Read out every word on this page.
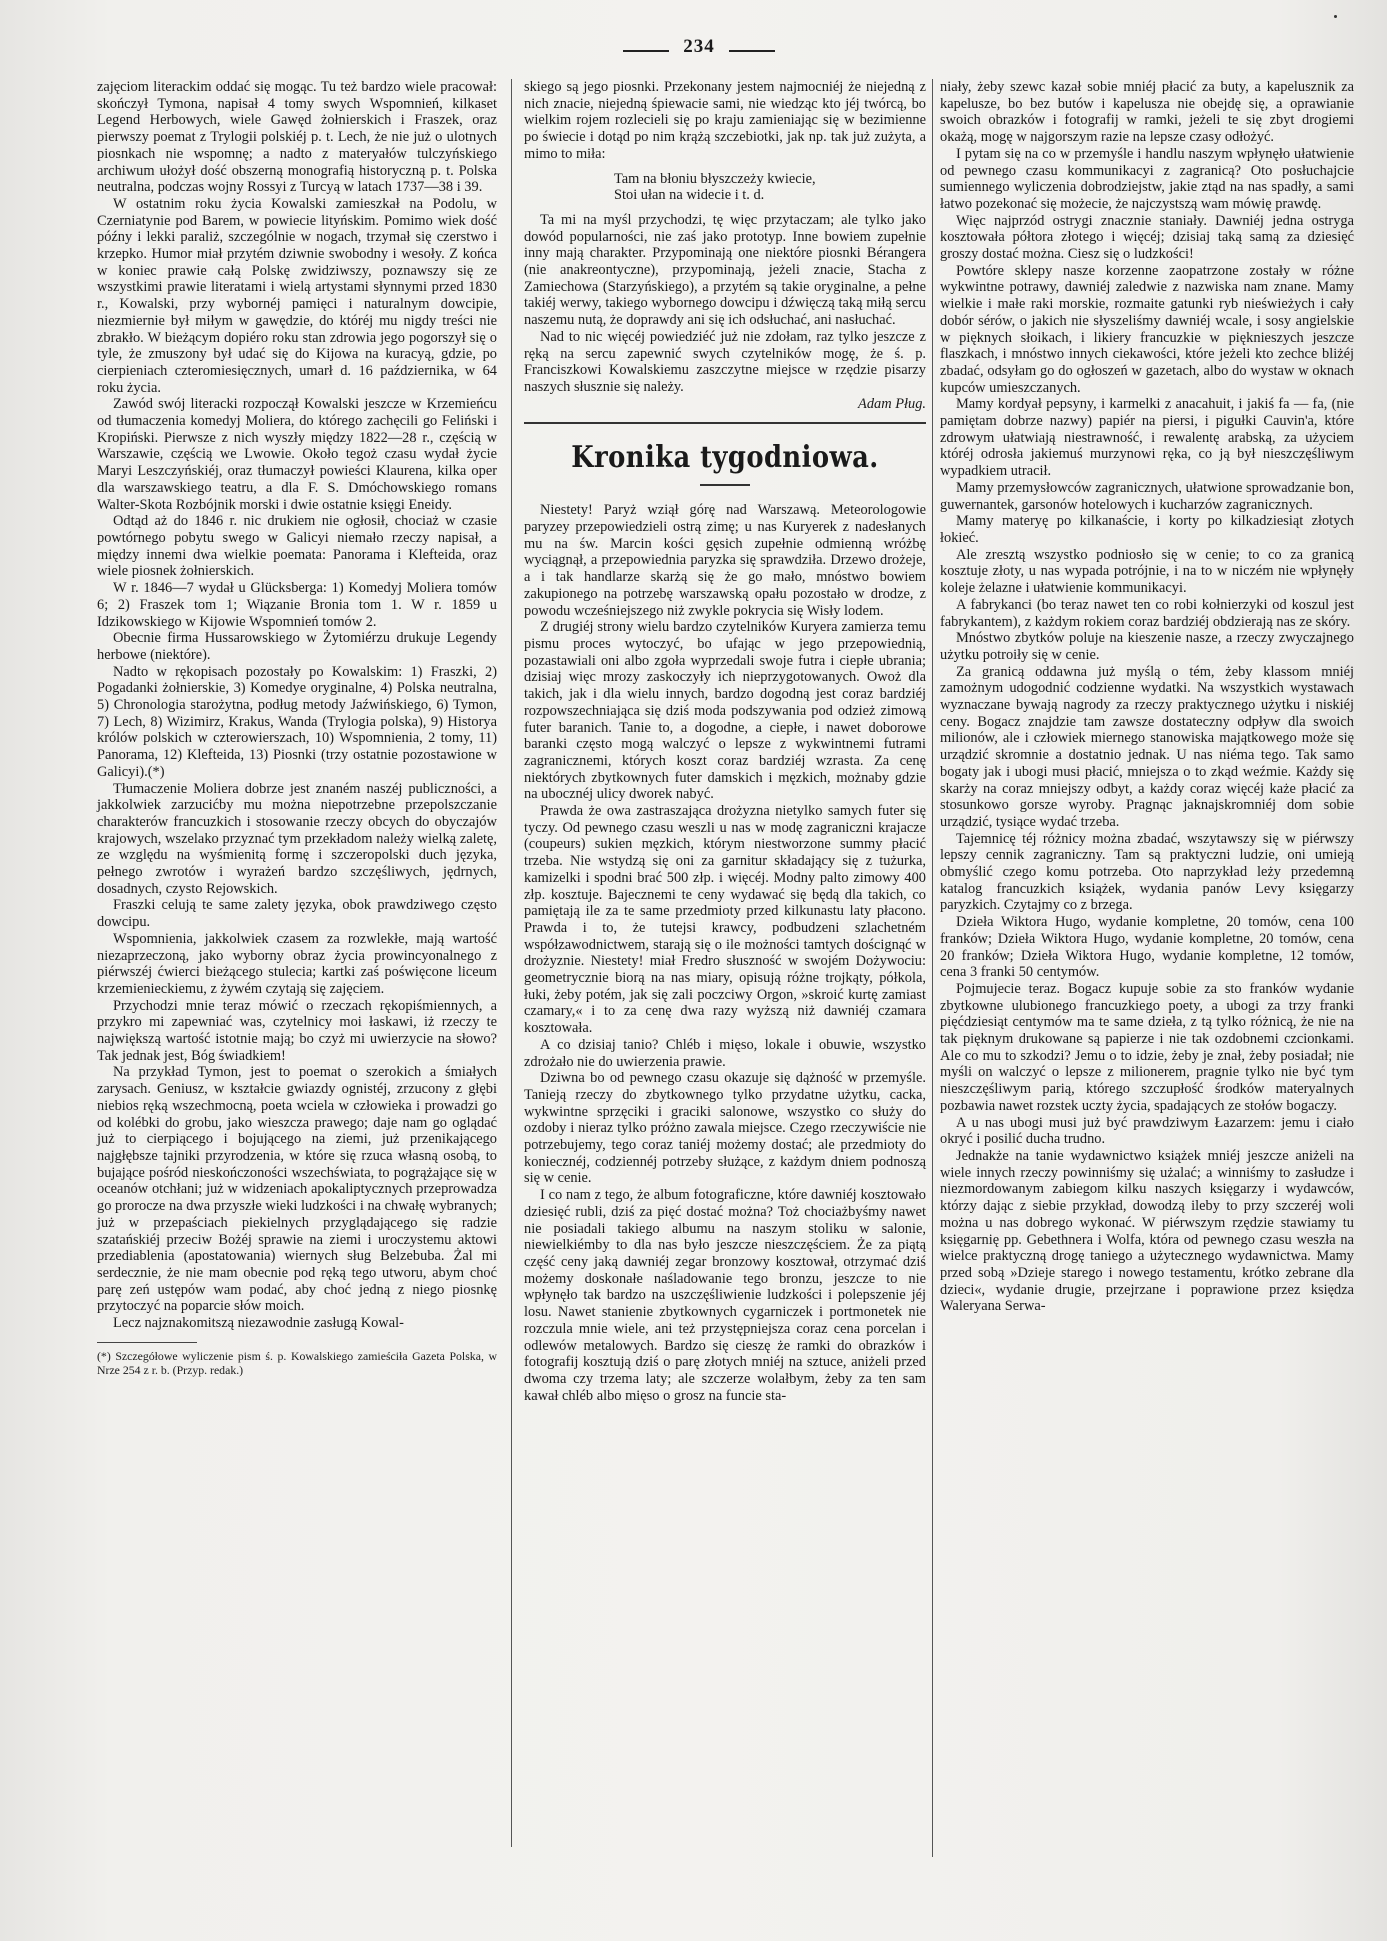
234

zajęciom literackim oddać się mogąc. Tu też bardzo wiele pracował: skończył Tymona, napisał 4 tomy swych Wspomnień, kilkaset Legend Herbowych, wiele Gawęd żołnierskich i Fraszek, oraz pierwszy poemat z Trylogii polskiéj p. t. Lech, że nie już o ulotnych piosnkach nie wspomnę; a nadto z materyałów tulczyńskiego archiwum ułożył dość obszerną monografią historyczną p. t. Polska neutralna, podczas wojny Rossyi z Turcyą w latach 1737—38 i 39.

W ostatnim roku życia Kowalski zamieszkał na Podolu, w Czerniatynie pod Barem, w powiecie lityńskim. Pomimo wiek dość późny i lekki paraliż, szczególnie w nogach, trzymał się czerstwo i krzepko. Humor miał przytém dziwnie swobodny i wesoły. Z końca w koniec prawie całą Polskę zwidziwszy, poznawszy się ze wszystkimi prawie literatami i wielą artystami słynnymi przed 1830 r., Kowalski, przy wybornéj pamięci i naturalnym dowcipie, niezmiernie był miłym w gawędzie, do któréj mu nigdy treści nie zbrakło. W bieżącym dopiéro roku stan zdrowia jego pogorszył się o tyle, że zmuszony był udać się do Kijowa na kuracyą, gdzie, po cierpieniach czteromiesięcznych, umarł d. 16 października, w 64 roku życia.

Zawód swój literacki rozpoczął Kowalski jeszcze w Krzemieńcu od tłumaczenia komedyj Moliera, do którego zachęcili go Feliński i Kropiński. Pierwsze z nich wyszły między 1822—28 r., częścią w Warszawie, częścią we Lwowie. Około tegoż czasu wydał życie Maryi Leszczyńskiéj, oraz tłumaczył powieści Klaurena, kilka oper dla warszawskiego teatru, a dla F. S. Dmóchowskiego romans Walter-Skota Rozbójnik morski i dwie ostatnie księgi Eneidy.

Odtąd aż do 1846 r. nic drukiem nie ogłosił, chociaż w czasie powtórnego pobytu swego w Galicyi niemało rzeczy napisał, a między innemi dwa wielkie poemata: Panorama i Klefteida, oraz wiele piosnek żołnierskich.

W r. 1846—7 wydał u Glücksberga: 1) Komedyj Moliera tomów 6; 2) Fraszek tom 1; Wiązanie Bronia tom 1. W r. 1859 u Idzikowskiego w Kijowie Wspomnień tomów 2.

Obecnie firma Hussarowskiego w Żytomiérzu drukuje Legendy herbowe (niektóre).

Nadto w rękopisach pozostały po Kowalskim: 1) Fraszki, 2) Pogadanki żołnierskie, 3) Komedye oryginalne, 4) Polska neutralna, 5) Chronologia starożytna, podług metody Jaźwińskiego, 6) Tymon, 7) Lech, 8) Wizimirz, Krakus, Wanda (Trylogia polska), 9) Historya królów polskich w czterowierszach, 10) Wspomnienia, 2 tomy, 11) Panorama, 12) Klefteida, 13) Piosnki (trzy ostatnie pozostawione w Galicyi).(*)

Tłumaczenie Moliera dobrze jest znaném naszéj publiczności, a jakkolwiek zarzucićby mu można niepotrzebne przepolszczanie charakterów francuzkich i stosowanie rzeczy obcych do obyczajów krajowych, wszelako przyznać tym przekładom należy wielką zaletę, ze względu na wyśmienitą formę i szczeropolski duch języka, pełnego zwrotów i wyrażeń bardzo szczęśliwych, jędrnych, dosadnych, czysto Rejowskich.

Fraszki celują te same zalety języka, obok prawdziwego często dowcipu.

Wspomnienia, jakkolwiek czasem za rozwlekłe, mają wartość niezaprzeczoną, jako wyborny obraz życia prowincyonalnego z piérwszéj ćwierci bieżącego stulecia; kartki zaś poświęcone liceum krzemienieckiemu, z żywém czytają się zajęciem.

Przychodzi mnie teraz mówić o rzeczach rękopiśmiennych, a przykro mi zapewniać was, czytelnicy moi łaskawi, iż rzeczy te największą wartość istotnie mają; bo czyż mi uwierzycie na słowo? Tak jednak jest, Bóg świadkiem!

Na przykład Tymon, jest to poemat o szerokich a śmiałych zarysach. Geniusz, w kształcie gwiazdy ognistéj, zrzucony z głębi niebios ręką wszechmocną, poeta wciela w człowieka i prowadzi go od kolébki do grobu, jako wieszcza prawego; daje nam go oglądać już to cierpiącego i bojującego na ziemi, już przenikającego najgłębsze tajniki przyrodzenia, w które się rzuca własną osobą, to bujające pośród nieskończoności wszechświata, to pogrążające się w oceanów otchłani; już w widzeniach apokaliptycznych przeprowadza go prorocze na dwa przyszłe wieki ludzkości i na chwałę wybranych; już w przepaściach piekielnych przyglądającego się radzie szatańskiéj przeciw Bożéj sprawie na ziemi i uroczystemu aktowi przediablenia (apostatowania) wiernych sług Belzebuba. Żal mi serdecznie, że nie mam obecnie pod ręką tego utworu, abym choć parę zeń ustępów wam podać, aby choć jedną z niego piosnkę przytoczyć na poparcie słów moich.

Lecz najznakomitszą niezawodnie zasługą Kowal-

(*) Szczegółowe wyliczenie pism ś. p. Kowalskiego zamieściła Gazeta Polska, w Nrze 254 z r. b. (Przyp. redak.)

skiego są jego piosnki. Przekonany jestem najmocniéj że niejedną z nich znacie, niejedną śpiewacie sami, nie wiedząc kto jéj twórcą, bo wielkim rojem rozlecieli się po kraju zamieniając się w bezimienne po świecie i dotąd po nim krążą szczebiotki, jak np. tak już zużyta, a mimo to miła:

Tam na błoniu błyszczeży kwiecie,
Stoi ułan na widecie i t. d.

Ta mi na myśl przychodzi, tę więc przytaczam; ale tylko jako dowód popularności, nie zaś jako prototyp. Inne bowiem zupełnie inny mają charakter. Przypominają one niektóre piosnki Bérangera (nie anakreontyczne), przypominają, jeżeli znacie, Stacha z Zamiechowa (Starzyńskiego), a przytém są takie oryginalne, a pełne takiéj werwy, takiego wybornego dowcipu i dźwięczą taką miłą sercu naszemu nutą, że doprawdy ani się ich odsłuchać, ani nasłuchać.

Nad to nic więcéj powiedziéć już nie zdołam, raz tylko jeszcze z ręką na sercu zapewnić swych czytelników mogę, że ś. p. Franciszkowi Kowalskiemu zaszczytne miejsce w rzędzie pisarzy naszych słusznie się należy.

Adam Pług.
Kronika tygodniowa.

Niestety! Paryż wziął górę nad Warszawą. Meteorologowie paryzey przepowiedzieli ostrą zimę; u nas Kuryerek z nadesłanych mu na św. Marcin kości gęsich zupełnie odmienną wróżbę wyciągnął, a przepowiednia paryzka się sprawdziła. Drzewo drożeje, a i tak handlarze skarżą się że go mało, mnóstwo bowiem zakupionego na potrzebę warszawską opału pozostało w drodze, z powodu wcześniejszego niż zwykle pokrycia się Wisły lodem.

Z drugiéj strony wielu bardzo czytelników Kuryera zamierza temu pismu proces wytoczyć, bo ufając w jego przepowiednią, pozastawiali oni albo zgoła wyprzedali swoje futra i ciepłe ubrania; dzisiaj więc mrozy zaskoczyły ich nieprzygotowanych. Owoż dla takich, jak i dla wielu innych, bardzo dogodną jest coraz bardziéj rozpowszechniająca się dziś moda podszywania pod odzież zimową futer baranich. Tanie to, a dogodne, a ciepłe, i nawet doborowe baranki często mogą walczyć o lepsze z wykwintnemi futrami zagranicznemi, których koszt coraz bardziéj wzrasta. Za cenę niektórych zbytkownych futer damskich i męzkich, możnaby gdzie na ubocznéj ulicy dworek nabyć.

Prawda że owa zastraszająca drożyzna nietylko samych futer się tyczy. Od pewnego czasu weszli u nas w modę zagraniczni krajacze (coupeurs) sukien męzkich, którym niestworzone summy płacić trzeba. Nie wstydzą się oni za garnitur składający się z tużurka, kamizelki i spodni brać 500 złp. i więcéj. Modny palto zimowy 400 złp. kosztuje. Bajecznemi te ceny wydawać się będą dla takich, co pamiętają ile za te same przedmioty przed kilkunastu laty płacono. Prawda i to, że tutejsi krawcy, podbudzeni szlachetném współzawodnictwem, starają się o ile możności tamtych doścignąć w drożyznie. Niestety! miał Fredro słuszność w swojém Dożywociu: geometrycznie biorą na nas miary, opisują różne trojkąty, półkola, łuki, żeby potém, jak się zali poczciwy Orgon, »skroić kurtę zamiast czamary,« i to za cenę dwa razy wyższą niż dawniéj czamara kosztowała.

A co dzisiaj tanio? Chléb i mięso, lokale i obuwie, wszystko zdrożało nie do uwierzenia prawie.

Dziwna bo od pewnego czasu okazuje się dążność w przemyśle. Tanieją rzeczy do zbytkownego tylko przydatne użytku, cacka, wykwintne sprzęciki i graciki salonowe, wszystko co służy do ozdoby i nieraz tylko próżno zawala miejsce. Czego rzeczywiście nie potrzebujemy, tego coraz taniéj możemy dostać; ale przedmioty do koniecznéj, codziennéj potrzeby służące, z każdym dniem podnoszą się w cenie.

I co nam z tego, że album fotograficzne, które dawniéj kosztowało dziesięć rubli, dziś za pięć dostać można? Toż chociażbyśmy nawet nie posiadali takiego albumu na naszym stoliku w salonie, niewielkiémby to dla nas było jeszcze nieszczęściem. Że za piątą część ceny jaką dawniéj zegar bronzowy kosztował, otrzymać dziś możemy doskonałe naśladowanie tego bronzu, jeszcze to nie wpłynęło tak bardzo na uszczęśliwienie ludzkości i polepszenie jéj losu. Nawet stanienie zbytkownych cygarniczek i portmonetek nie rozczula mnie wiele, ani też przystępniejsza coraz cena porcelan i odlewów metalowych. Bardzo się cieszę że ramki do obrazków i fotografij kosztują dziś o parę złotych mniéj na sztuce, aniżeli przed dwoma czy trzema laty; ale szczerze wolałbym, żeby za ten sam kawał chléb albo mięso o grosz na funcie sta-

niały, żeby szewc kazał sobie mniéj płacić za buty, a kapelusznik za kapelusze, bo bez butów i kapelusza nie obejdę się, a oprawianie swoich obrazków i fotografij w ramki, jeżeli te się zbyt drogiemi okażą, mogę w najgorszym razie na lepsze czasy odłożyć.

I pytam się na co w przemyśle i handlu naszym wpłynęło ułatwienie od pewnego czasu kommunikacyi z zagranicą? Oto posłuchajcie sumiennego wyliczenia dobrodziejstw, jakie ztąd na nas spadły, a sami łatwo pozekonać się możecie, że najczystszą wam mówię prawdę.

Więc najprzód ostrygi znacznie staniały. Dawniéj jedna ostryga kosztowała półtora złotego i więcéj; dzisiaj taką samą za dziesięć groszy dostać można. Ciesz się o ludzkości!

Powtóre sklepy nasze korzenne zaopatrzone zostały w różne wykwintne potrawy, dawniéj zaledwie z nazwiska nam znane. Mamy wielkie i małe raki morskie, rozmaite gatunki ryb nieświeżych i cały dobór sérów, o jakich nie słyszeliśmy dawniéj wcale, i sosy angielskie w pięknych słoikach, i likiery francuzkie w pięknieszych jeszcze flaszkach, i mnóstwo innych ciekawości, które jeżeli kto zechce bliżéj zbadać, odsyłam go do ogłoszeń w gazetach, albo do wystaw w oknach kupców umieszczanych.

Mamy kordyał pepsyny, i karmelki z anacahuit, i jakiś fa — fa, (nie pamiętam dobrze nazwy) papiér na piersi, i pigułki Cauvin'a, które zdrowym ułatwiają niestrawność, i rewalentę arabską, za użyciem któréj odrosła jakiemuś murzynowi ręka, co ją był nieszczęśliwym wypadkiem utracił.

Mamy przemysłowców zagranicznych, ułatwione sprowadzanie bon, guwernantek, garsonów hotelowych i kucharzów zagranicznych.

Mamy materyę po kilkanaście, i korty po kilkadziesiąt złotych łokieć.

Ale zresztą wszystko podniosło się w cenie; to co za granicą kosztuje złoty, u nas wypada potrójnie, i na to w niczém nie wpłynęły koleje żelazne i ułatwienie kommunikacyi.

A fabrykanci (bo teraz nawet ten co robi kołnierzyki od koszul jest fabrykantem), z każdym rokiem coraz bardziéj obdzierają nas ze skóry.

Mnóstwo zbytków poluje na kieszenie nasze, a rzeczy zwyczajnego użytku potroiły się w cenie.

Za granicą oddawna już myślą o tém, żeby klassom mniéj zamożnym udogodnić codzienne wydatki. Na wszystkich wystawach wyznaczane bywają nagrody za rzeczy praktycznego użytku i niskiéj ceny. Bogacz znajdzie tam zawsze dostateczny odpływ dla swoich milionów, ale i człowiek miernego stanowiska majątkowego może się urządzić skromnie a dostatnio jednak. U nas niéma tego. Tak samo bogaty jak i ubogi musi płacić, mniejsza o to zkąd weźmie. Każdy się skarży na coraz mniejszy odbyt, a każdy coraz więcéj każe płacić za stosunkowo gorsze wyroby. Pragnąc jaknajskromniéj dom sobie urządzić, tysiące wydać trzeba.

Tajemnicę téj różnicy można zbadać, wszytawszy się w piérwszy lepszy cennik zagraniczny. Tam są praktyczni ludzie, oni umieją obmyślić czego komu potrzeba. Oto naprzykład leży przedemną katalog francuzkich książek, wydania panów Levy księgarzy paryzkich. Czytajmy co z brzega.

Dzieła Wiktora Hugo, wydanie kompletne, 20 tomów, cena 100 franków; Dzieła Wiktora Hugo, wydanie kompletne, 20 tomów, cena 20 franków; Dzieła Wiktora Hugo, wydanie kompletne, 12 tomów, cena 3 franki 50 centymów.

Pojmujecie teraz. Bogacz kupuje sobie za sto franków wydanie zbytkowne ulubionego francuzkiego poety, a ubogi za trzy franki pięćdziesiąt centymów ma te same dzieła, z tą tylko różnicą, że nie na tak pięknym drukowane są papierze i nie tak ozdobnemi czcionkami. Ale co mu to szkodzi? Jemu o to idzie, żeby je znał, żeby posiadał; nie myśli on walczyć o lepsze z milionerem, pragnie tylko nie być tym nieszczęśliwym parią, którego szczupłość środków materyalnych pozbawia nawet rozstek uczty życia, spadających ze stołów bogaczy.

A u nas ubogi musi już być prawdziwym Łazarzem: jemu i ciało okryć i posilić ducha trudno.

Jednakże na tanie wydawnictwo książek mniéj jeszcze aniżeli na wiele innych rzeczy powinniśmy się użalać; a winniśmy to zasłudze i niezmordowanym zabiegom kilku naszych księgarzy i wydawców, którzy dając z siebie przykład, dowodzą ileby to przy szczeréj woli można u nas dobrego wykonać. W piérwszym rzędzie stawiamy tu księgarnię pp. Gebethnera i Wolfa, która od pewnego czasu weszła na wielce praktyczną drogę taniego a użytecznego wydawnictwa. Mamy przed sobą »Dzieje starego i nowego testamentu, krótko zebrane dla dzieci«, wydanie drugie, przejrzane i poprawione przez księdza Waleryana Serwa-
